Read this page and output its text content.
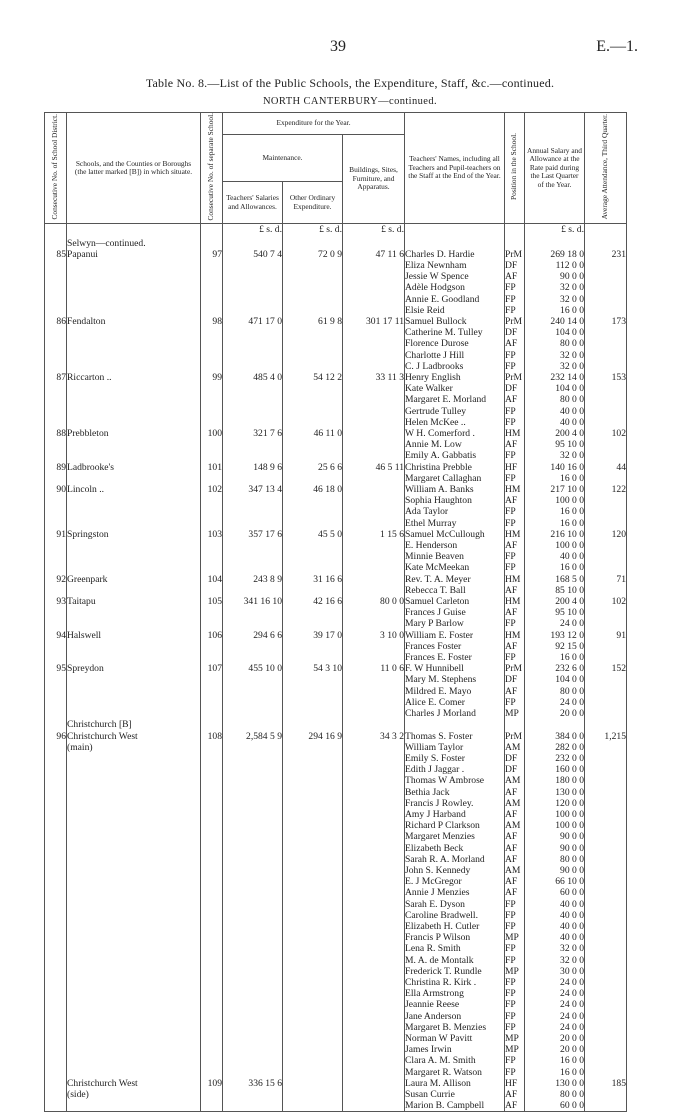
39	E.—1.
Table No. 8.—List of the Public Schools, the Expenditure, Staff, &c.—continued.
NORTH CANTERBURY—continued.
Consecutive No. of School District.	Schools, and the Counties or Boroughs (the latter marked [B]) in which situate.	Consecutive No. of separate School.	Expenditure for the Year.			Teachers' Names, including all Teachers and Pupil-teachers on the Staff at the End of the Year.	Position in the School.	Annual Salary and Allowance at the Rate paid during the Last Quarter of the Year.	Average Attendance, Third Quarter.
			Maintenance.		Buildings, Sites, Furniture, and Apparatus.				
			Teachers' Salaries and Allowances.	Other Ordinary Expenditure.					
			£ s. d.	£ s. d.	£ s. d.			£ s. d.	
	Selwyn—continued.								
85	Papanui	97	540 7 4	72 0 9	47 11 6	Charles D. Hardie	PrM	269 18 0	231
						Eliza Newnham	DF	112 0 0	
						Jessie W Spence	AF	90 0 0	
						Adèle Hodgson	FP	32 0 0	
						Annie E. Goodland	FP	32 0 0	
						Elsie Reid	FP	16 0 0	
86	Fendalton	98	471 17 0	61 9 8	301 17 11	Samuel Bullock	PrM	240 14 0	173
						Catherine M. Tulley	DF	104 0 0	
						Florence Durose	AF	80 0 0	
						Charlotte J Hill	FP	32 0 0	
						C. J Ladbrooks	FP	32 0 0	
87	Riccarton ..	99	485 4 0	54 12 2	33 11 3	Henry English	PrM	232 14 0	153
						Kate Walker	DF	104 0 0	
						Margaret E. Morland	AF	80 0 0	
						Gertrude Tulley	FP	40 0 0	
						Helen McKee ..	FP	40 0 0	
88	Prebbleton	100	321 7 6	46 11 0		W H. Comerford .	HM	200 4 0	102
						Annie M. Low	AF	95 10 0	
						Emily A. Gabbatis	FP	32 0 0	
89	Ladbrooke's	101	148 9 6	25 6 6	46 5 11	Christina Prebble	HF	140 16 0	44
						Margaret Callaghan	FP	16 0 0	
90	Lincoln ..	102	347 13 4	46 18 0		William A. Banks	HM	217 10 0	122
						Sophia Haughton	AF	100 0 0	
						Ada Taylor	FP	16 0 0	
						Ethel Murray	FP	16 0 0	
91	Springston	103	357 17 6	45 5 0	1 15 6	Samuel McCullough	HM	216 10 0	120
						E. Henderson	AF	100 0 0	
						Minnie Beaven	FP	40 0 0	
						Kate McMeekan	FP	16 0 0	
92	Greenpark	104	243 8 9	31 16 6		Rev. T. A. Meyer	HM	168 5 0	71
						Rebecca T. Ball	AF	85 10 0	
93	Taitapu	105	341 16 10	42 16 6	80 0 0	Samuel Carleton	HM	200 4 0	102
						Frances J Guise	AF	95 10 0	
						Mary P Barlow	FP	24 0 0	
94	Halswell	106	294 6 6	39 17 0	3 10 0	William E. Foster	HM	193 12 0	91
						Frances Foster	AF	92 15 0	
						Frances E. Foster	FP	16 0 0	
95	Spreydon	107	455 10 0	54 3 10	11 0 6	F. W Hunnibell	PrM	232 6 0	152
						Mary M. Stephens	DF	104 0 0	
						Mildred E. Mayo	AF	80 0 0	
						Alice E. Comer	FP	24 0 0	
						Charles J Morland	MP	20 0 0	
	Christchurch [B]								
96	Christchurch West	108	2,584 5 9	294 16 9	34 3 2	Thomas S. Foster	PrM	384 0 0	1,215
	(main)					William Taylor	AM	282 0 0	
						Emily S. Foster	DF	232 0 0	
						Edith J Jaggar .	DF	160 0 0	
						Thomas W Ambrose	AM	180 0 0	
						Bethia Jack	AF	130 0 0	
						Francis J Rowley.	AM	120 0 0	
						Amy J Harband	AF	100 0 0	
						Richard P Clarkson	AM	100 0 0	
						Margaret Menzies	AF	90 0 0	
						Elizabeth Beck	AF	90 0 0	
						Sarah R. A. Morland	AF	80 0 0	
						John S. Kennedy	AM	90 0 0	
						E. J McGregor	AF	66 10 0	
						Annie J Menzies	AF	60 0 0	
						Sarah E. Dyson	FP	40 0 0	
						Caroline Bradwell.	FP	40 0 0	
						Elizabeth H. Cutler	FP	40 0 0	
						Francis P Wilson	MP	40 0 0	
						Lena R. Smith	FP	32 0 0	
						M. A. de Montalk	FP	32 0 0	
						Frederick T. Rundle	MP	30 0 0	
						Christina R. Kirk .	FP	24 0 0	
						Ella Armstrong	FP	24 0 0	
						Jeannie Reese	FP	24 0 0	
						Jane Anderson	FP	24 0 0	
						Margaret B. Menzies	FP	24 0 0	
						Norman W Pavitt	MP	20 0 0	
						James Irwin	MP	20 0 0	
						Clara A. M. Smith	FP	16 0 0	
						Margaret R. Watson	FP	16 0 0	
	Christchurch West	109	336 15 6			Laura M. Allison	HF	130 0 0	185
	(side)					Susan Currie	AF	80 0 0	
						Marion B. Campbell	AF	60 0 0	
